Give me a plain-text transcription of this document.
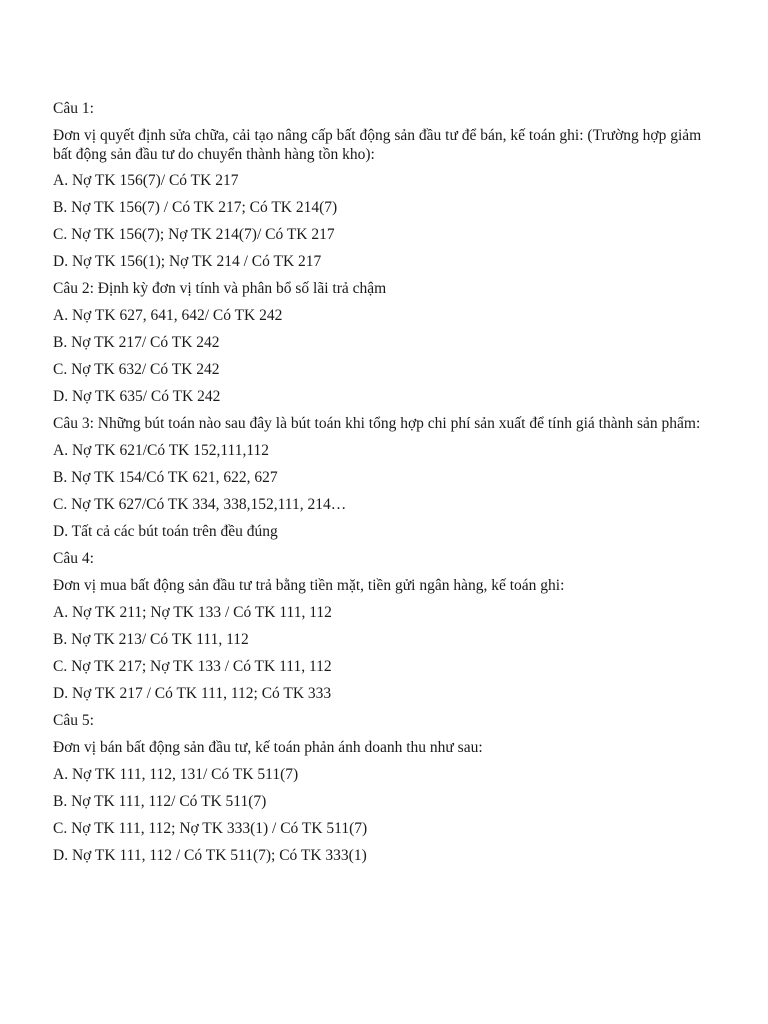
Câu 1:
Đơn vị quyết định sửa chữa, cải tạo nâng cấp bất động sản đầu tư để bán, kế toán ghi: (Trường hợp giảm bất động sản đầu tư do chuyển thành hàng tồn kho):
A. Nợ TK 156(7)/ Có TK 217
B. Nợ TK 156(7) / Có TK 217; Có TK 214(7)
C. Nợ TK 156(7); Nợ TK 214(7)/ Có TK 217
D. Nợ TK 156(1); Nợ TK 214 / Có TK 217
Câu 2: Định kỳ đơn vị tính và phân bổ số lãi trả chậm
A. Nợ TK 627, 641, 642/ Có TK 242
B. Nợ TK 217/ Có TK 242
C. Nợ TK 632/ Có TK 242
D. Nợ TK 635/ Có TK 242
Câu 3: Những bút toán nào sau đây là bút toán khi tổng hợp chi phí sản xuất để tính giá thành sản phẩm:
A. Nợ TK 621/Có TK 152,111,112
B. Nợ TK 154/Có TK 621, 622, 627
C. Nợ TK 627/Có TK 334, 338,152,111, 214…
D. Tất cả các bút toán trên đều đúng
Câu 4:
Đơn vị mua bất động sản đầu tư trả bằng tiền mặt, tiền gửi ngân hàng, kế toán ghi:
A. Nợ TK 211; Nợ TK 133 / Có TK 111, 112
B. Nợ TK 213/ Có TK 111, 112
C. Nợ TK 217; Nợ TK 133 / Có TK 111, 112
D. Nợ TK 217 / Có TK 111, 112; Có TK 333
Câu 5:
Đơn vị bán bất động sản đầu tư, kế toán phản ánh doanh thu như sau:
A. Nợ TK 111, 112, 131/ Có TK 511(7)
B. Nợ TK 111, 112/ Có TK 511(7)
C. Nợ TK 111, 112; Nợ TK 333(1) / Có TK 511(7)
D. Nợ TK 111, 112 / Có TK 511(7); Có TK 333(1)
